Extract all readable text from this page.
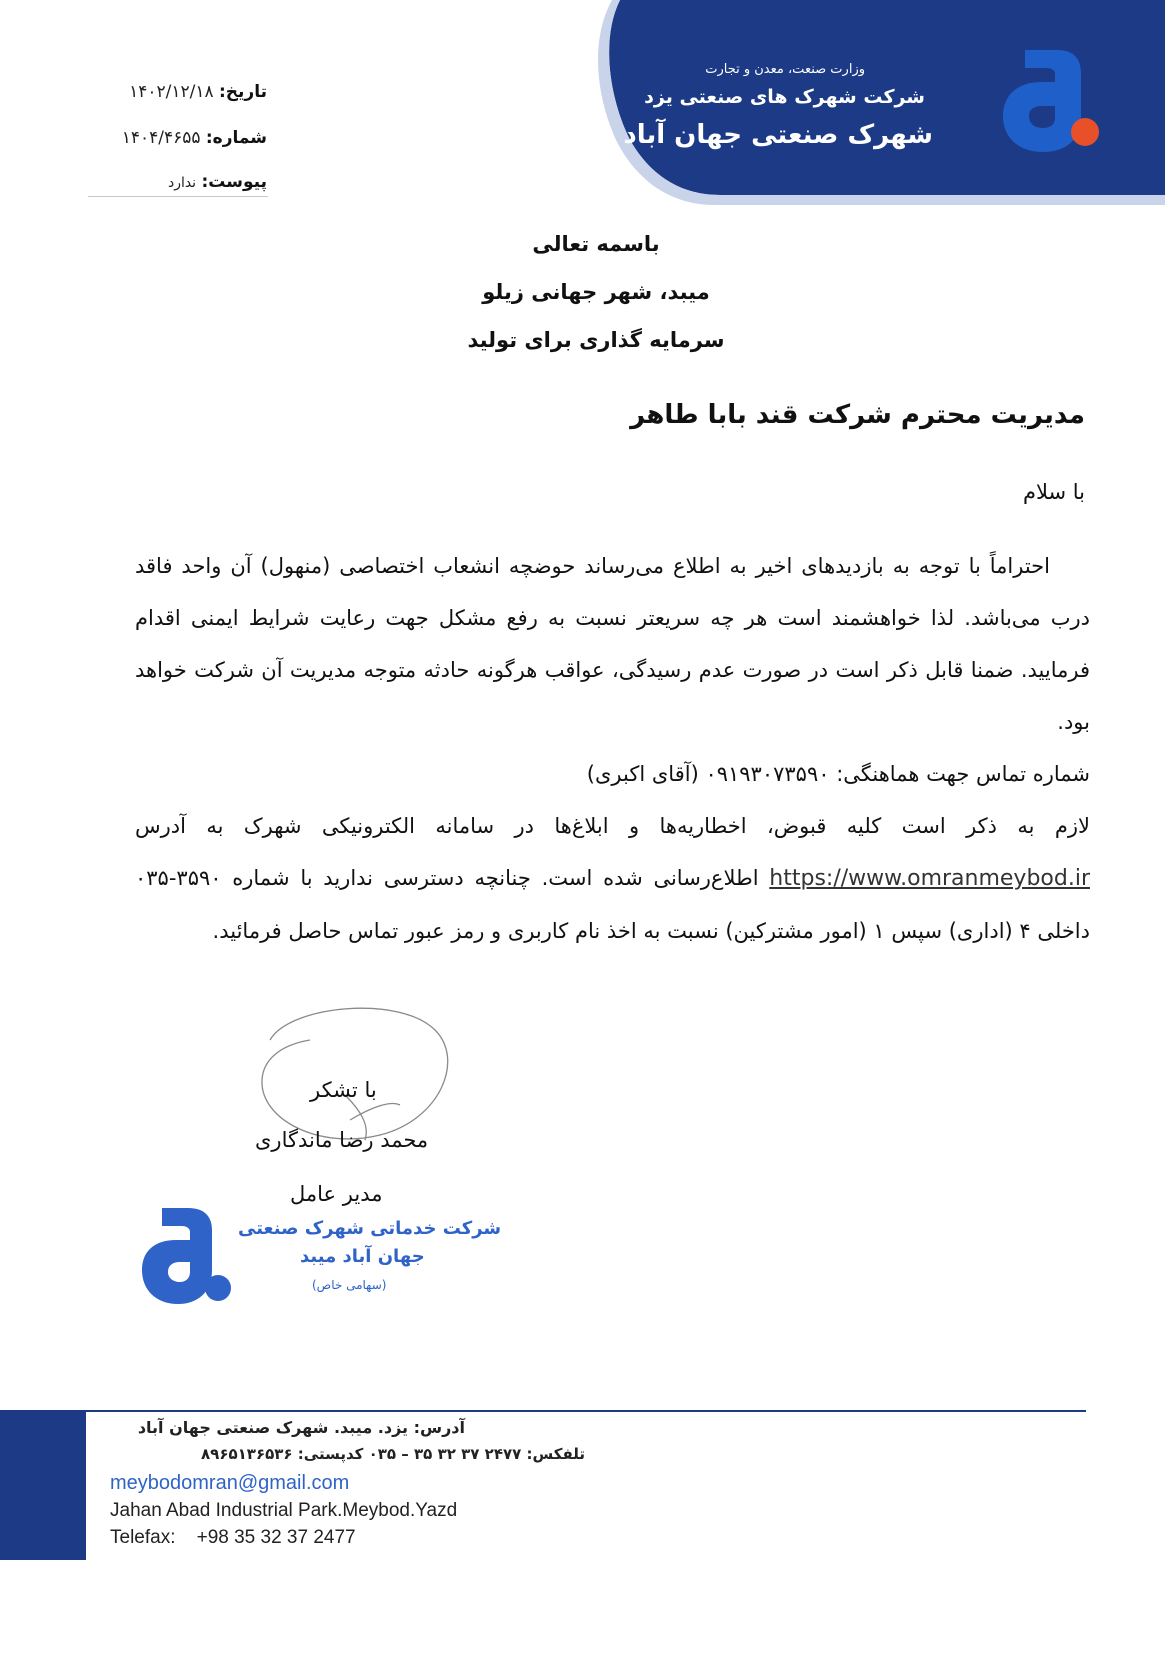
وزارت صنعت، معدن و تجارت
شرکت شهرک های صنعتی یزد
شهرک صنعتی جهان آباد میبد
تاریخ: ۱۴۰۲/۱۲/۱۸
شماره: ۱۴۰۴/۴۶۵۵
پیوست: ندارد
باسمه تعالی
میبد، شهر جهانی زیلو
سرمایه گذاری برای تولید
مدیریت محترم شرکت قند بابا طاهر
با سلام

احتراماً با توجه به بازدیدهای اخیر به اطلاع می‌رساند حوضچه انشعاب اختصاصی (منهول) آن واحد فاقد درب می‌باشد. لذا خواهشمند است هر چه سریعتر نسبت به رفع مشکل جهت رعایت شرایط ایمنی اقدام فرمایید. ضمنا قابل ذکر است در صورت عدم رسیدگی، عواقب هرگونه حادثه متوجه مدیریت آن شرکت خواهد بود.

شماره تماس جهت هماهنگی: ۰۹۱۹۳۰۷۳۵۹۰ (آقای اکبری)

لازم به ذکر است کلیه قبوض، اخطاریه‌ها و ابلاغ‌ها در سامانه الکترونیکی شهرک به آدرس https://www.omranmeybod.ir اطلاع‌رسانی شده است. چنانچه دسترسی ندارید با شماره ۳۵۹۰-۰۳۵ داخلی ۴ (اداری) سپس ۱ (امور مشترکین) نسبت به اخذ نام کاربری و رمز عبور تماس حاصل فرمائید.

با تشکر
محمد رضا ماندگاری
مدیر عامل
شرکت خدماتی شهرک صنعتی
جهان آباد میبد
(سهامی خاص)
آدرس: یزد. میبد. شهرک صنعتی جهان آباد
تلفکس: ۲۴۷۷ ۳۷ ۳۲ ۳۵ – ۰۳۵ کدپستی: ۸۹۶۵۱۳۶۵۳۶
meybodomran@gmail.com
Jahan Abad Industrial Park.Meybod.Yazd
Telefax:    +98 35 32 37 2477
